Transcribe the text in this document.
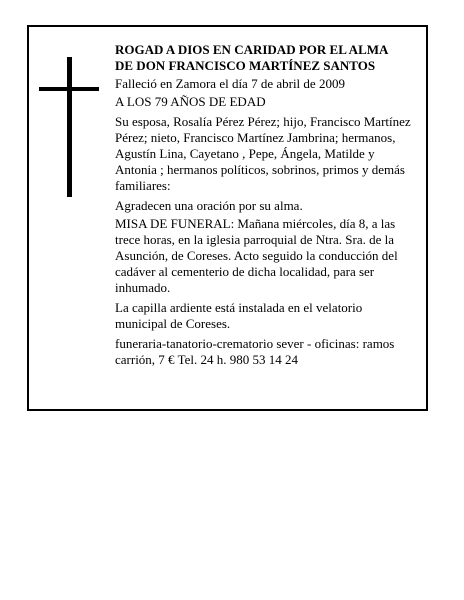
ROGAD A DIOS EN CARIDAD POR EL ALMA
DE DON FRANCISCO MARTÍNEZ SANTOS

Falleció en Zamora el día 7 de abril de 2009

A LOS 79 AÑOS DE EDAD

Su esposa, Rosalía Pérez Pérez; hijo, Francisco Martínez Pérez; nieto, Francisco Martínez Jambrina; hermanos, Agustín Lina, Cayetano , Pepe, Ángela, Matilde y Antonia ; hermanos políticos, sobrinos, primos y demás familiares:

Agradecen una oración por su alma.

MISA DE FUNERAL: Mañana miércoles, día 8, a las trece horas, en la iglesia parroquial de Ntra. Sra. de la Asunción, de Coreses. Acto seguido la conducción del cadáver al cementerio de dicha localidad, para ser inhumado.

La capilla ardiente está instalada en el velatorio municipal de Coreses.

funeraria-tanatorio-crematorio sever - oficinas: ramos carrión, 7 € Tel. 24 h. 980 53 14 24
